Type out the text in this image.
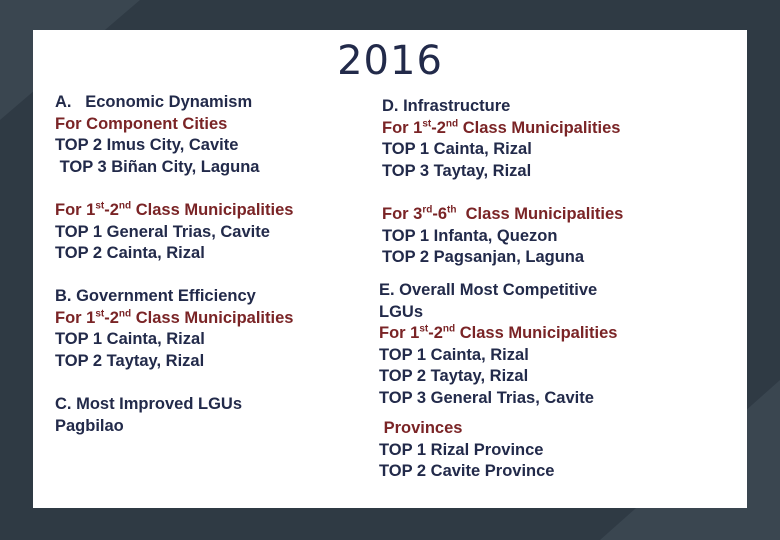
2016
A.   Economic Dynamism
For Component Cities
TOP 2 Imus City, Cavite
TOP 3 Biñan City, Laguna
For 1st-2nd Class Municipalities
TOP 1 General Trias, Cavite
TOP 2 Cainta, Rizal
B. Government Efficiency
For 1st-2nd Class Municipalities
TOP 1 Cainta, Rizal
TOP 2 Taytay, Rizal
C. Most Improved LGUs
Pagbilao
D. Infrastructure
For 1st-2nd Class Municipalities
TOP 1 Cainta, Rizal
TOP 3 Taytay, Rizal
For 3rd-6th  Class Municipalities
TOP 1 Infanta, Quezon
TOP 2 Pagsanjan, Laguna
E. Overall Most Competitive
LGUs
For 1st-2nd Class Municipalities
TOP 1 Cainta, Rizal
TOP 2 Taytay, Rizal
TOP 3 General Trias, Cavite
Provinces
TOP 1 Rizal Province
TOP 2 Cavite Province
